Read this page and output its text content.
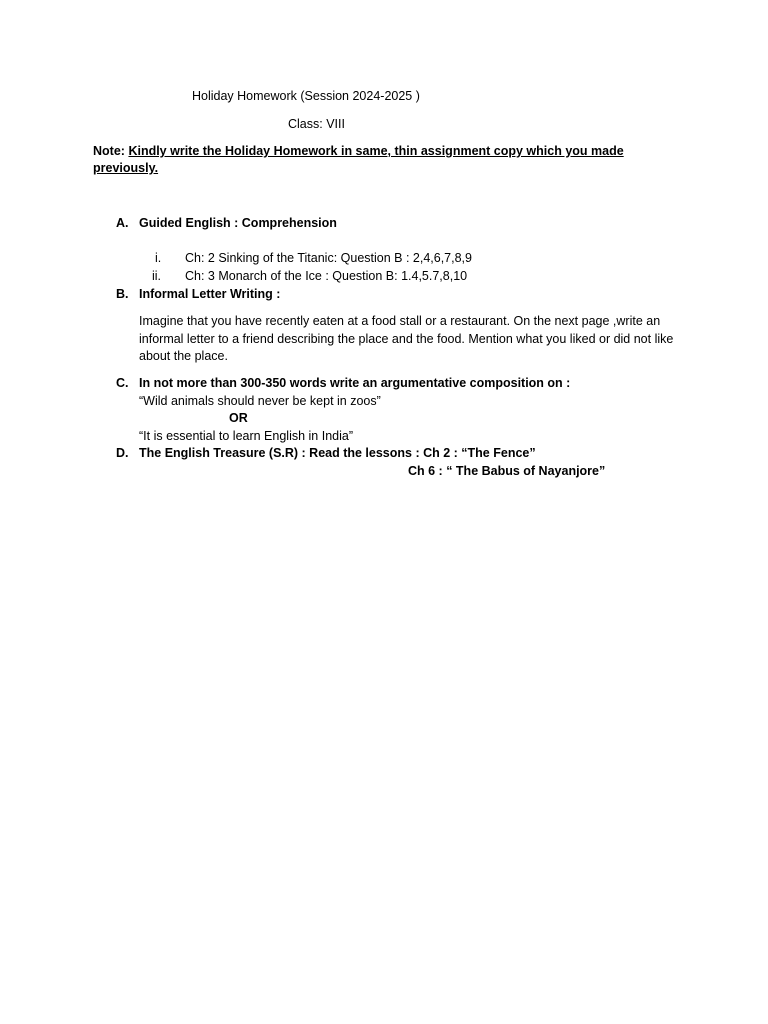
Holiday Homework (Session 2024-2025 )
Class: VIII
Note: Kindly write the Holiday Homework in same, thin assignment copy which you made previously.
A. Guided English : Comprehension
i. Ch: 2 Sinking of the Titanic: Question B : 2,4,6,7,8,9
ii. Ch: 3 Monarch of the Ice : Question B: 1.4,5.7,8,10
B. Informal Letter Writing :
Imagine that you have recently eaten at a food stall or a restaurant. On the next page ,write an informal letter to a friend describing the place and the food. Mention what you liked or did not like about the place.
C. In not more than 300-350 words write an argumentative composition on :
“Wild animals should never be kept in zoos”
OR
“It is essential to learn English in India”
D. The English Treasure (S.R) : Read the lessons : Ch 2 : “The Fence”
Ch 6 : “ The Babus of Nayanjore”
